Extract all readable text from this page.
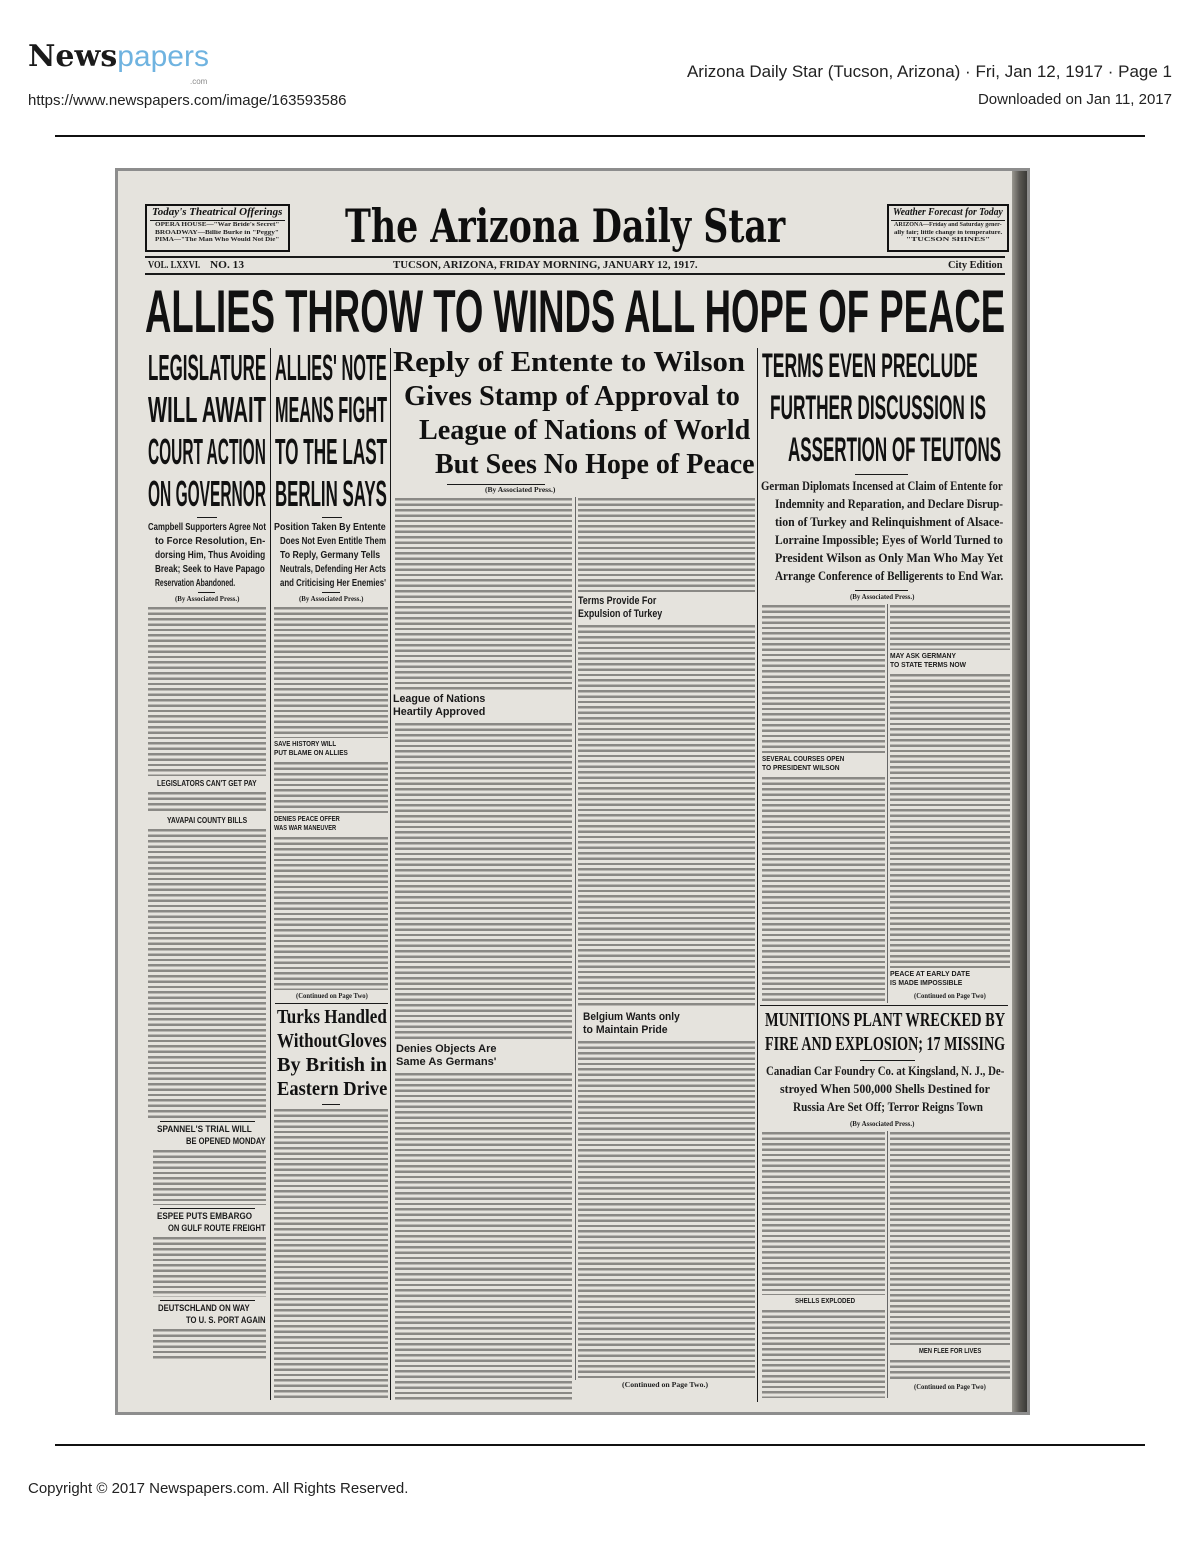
Newspapers
.com
https://www.newspapers.com/image/163593586
Arizona Daily Star (Tucson, Arizona) · Fri, Jan 12, 1917 · Page 1
Downloaded on Jan 11, 2017
Today's Theatrical Offerings
OPERA HOUSE—"War Bride's Secret"
BROADWAY—Billie Burke in "Peggy"
PIMA—"The Man Who Would Not Die" The Arizona Daily Star	Weather Forecast for Today
ARIZONA—Friday and Saturday gener-
ally fair; little change in temperature.
"TUCSON SHINES"
VOL. LXXVI. NO. 13	TUCSON, ARIZONA, FRIDAY MORNING, JANUARY 12, 1917.	City Edition
ALLIES THROW TO WINDS ALL HOPE OF PEACE
LEGISLATURE
WILL AWAIT
COURT ACTION
ON GOVERNOR
Campbell Supporters Agree Not
to Force Resolution, En-
dorsing Him, Thus Avoiding
Break; Seek to Have Papago
Reservation Abandoned.
(By Associated Press.)
LEGISLATORS CAN'T GET PAY
YAVAPAI COUNTY BILLS
SPANNEL'S TRIAL WILL
BE OPENED MONDAY
ESPEE PUTS EMBARGO
ON GULF ROUTE FREIGHT
DEUTSCHLAND ON WAY
TO U. S. PORT AGAIN
ALLIES' NOTE
MEANS FIGHT
TO THE LAST
BERLIN SAYS
Position Taken By Entente
Does Not Even Entitle Them
To Reply, Germany Tells
Neutrals, Defending Her Acts
and Criticising Her Enemies'
(By Associated Press.)
SAVE HISTORY WILL
PUT BLAME ON ALLIES
DENIES PEACE OFFER
WAS WAR MANEUVER
(Continued on Page Two)
Turks Handled
WithoutGloves
By British in
Eastern Drive
Reply of Entente to Wilson
Gives Stamp of Approval to
League of Nations of World
But Sees No Hope of Peace
(By Associated Press.)
League of Nations
Heartily Approved
Denies Objects Are
Same As Germans'
Terms Provide For
Expulsion of Turkey
Belgium Wants only
to Maintain Pride
(Continued on Page Two.)
TERMS EVEN PRECLUDE
FURTHER DISCUSSION IS
ASSERTION OF TEUTONS
German Diplomats Incensed at Claim of Entente for
Indemnity and Reparation, and Declare Disrup-
tion of Turkey and Relinquishment of Alsace-
Lorraine Impossible; Eyes of World Turned to
President Wilson as Only Man Who May Yet
Arrange Conference of Belligerents to End War.
(By Associated Press.)
SEVERAL COURSES OPEN
TO PRESIDENT WILSON
MAY ASK GERMANY
TO STATE TERMS NOW
PEACE AT EARLY DATE
IS MADE IMPOSSIBLE
(Continued on Page Two)
MUNITIONS PLANT WRECKED BY
FIRE AND EXPLOSION; 17 MISSING
Canadian Car Foundry Co. at Kingsland, N. J., De-
stroyed When 500,000 Shells Destined for
Russia Are Set Off; Terror Reigns Town
(By Associated Press.)
SHELLS EXPLODED
MEN FLEE FOR LIVES
(Continued on Page Two)
Copyright © 2017 Newspapers.com. All Rights Reserved.
